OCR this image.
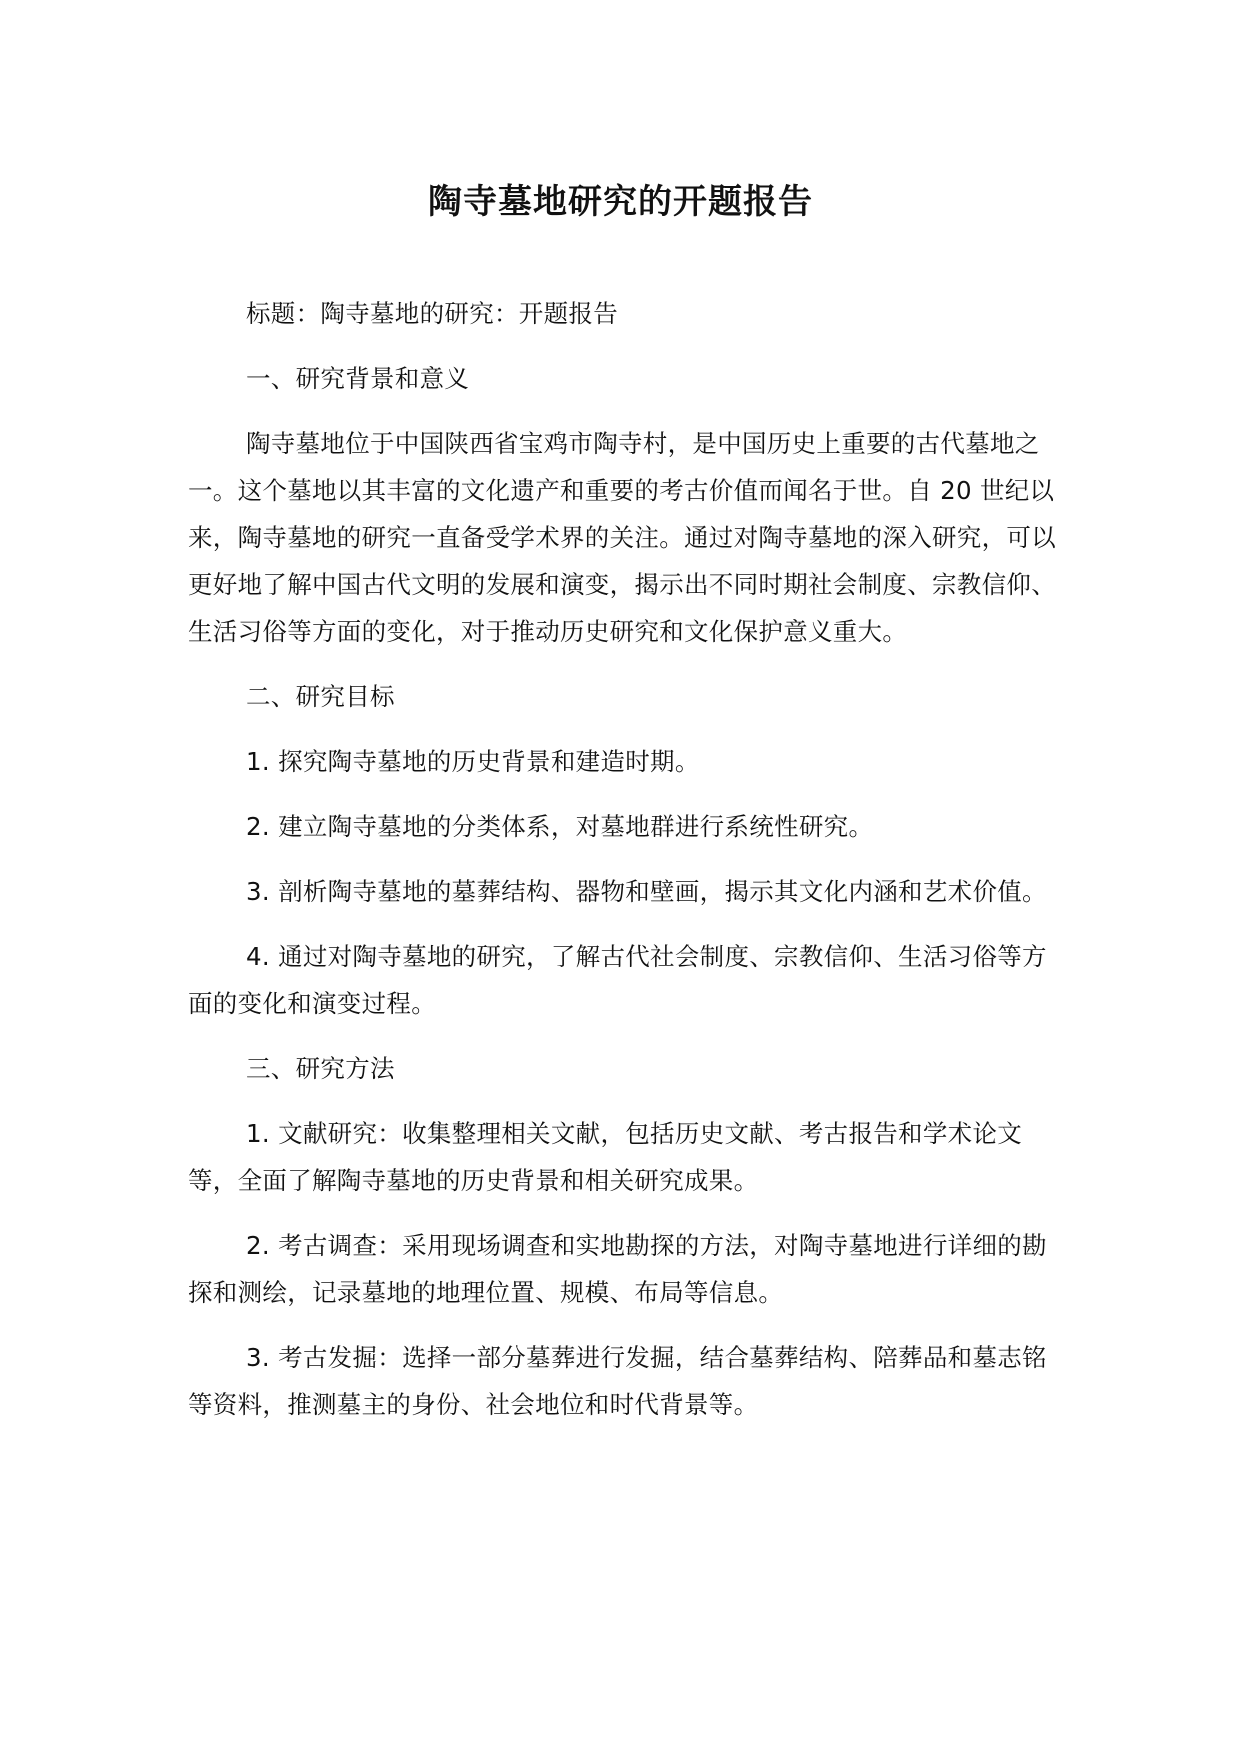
陶寺墓地研究的开题报告

标题：陶寺墓地的研究：开题报告

一、研究背景和意义

陶寺墓地位于中国陕西省宝鸡市陶寺村，是中国历史上重要的古代墓地之一。这个墓地以其丰富的文化遗产和重要的考古价值而闻名于世。自 20 世纪以来，陶寺墓地的研究一直备受学术界的关注。通过对陶寺墓地的深入研究，可以更好地了解中国古代文明的发展和演变，揭示出不同时期社会制度、宗教信仰、生活习俗等方面的变化，对于推动历史研究和文化保护意义重大。

二、研究目标

1. 探究陶寺墓地的历史背景和建造时期。

2. 建立陶寺墓地的分类体系，对墓地群进行系统性研究。

3. 剖析陶寺墓地的墓葬结构、器物和壁画，揭示其文化内涵和艺术价值。

4. 通过对陶寺墓地的研究，了解古代社会制度、宗教信仰、生活习俗等方面的变化和演变过程。

三、研究方法

1. 文献研究：收集整理相关文献，包括历史文献、考古报告和学术论文等，全面了解陶寺墓地的历史背景和相关研究成果。

2. 考古调查：采用现场调查和实地勘探的方法，对陶寺墓地进行详细的勘探和测绘，记录墓地的地理位置、规模、布局等信息。

3. 考古发掘：选择一部分墓葬进行发掘，结合墓葬结构、陪葬品和墓志铭等资料，推测墓主的身份、社会地位和时代背景等。
